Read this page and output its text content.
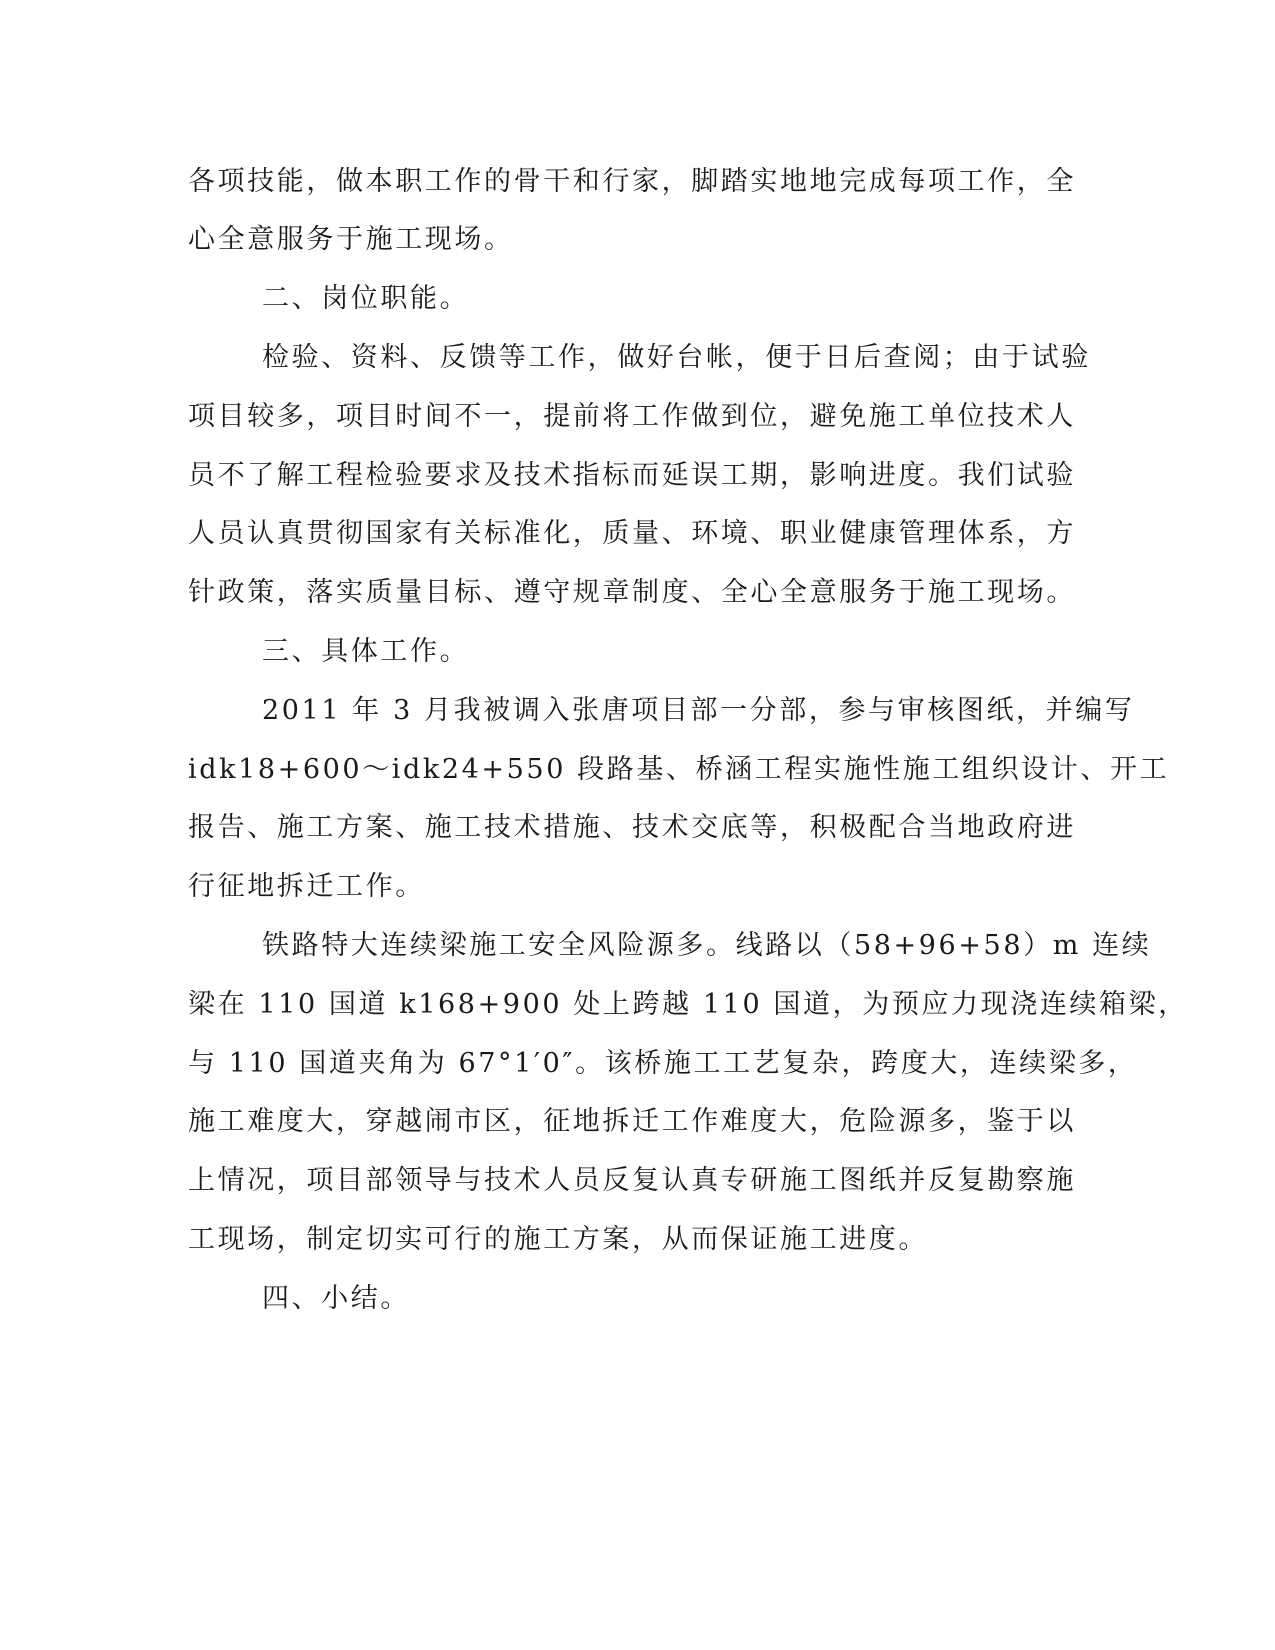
各项技能，做本职工作的骨干和行家，脚踏实地地完成每项工作，全
心全意服务于施工现场。
二、岗位职能。
检验、资料、反馈等工作，做好台帐，便于日后查阅；由于试验
项目较多，项目时间不一，提前将工作做到位，避免施工单位技术人
员不了解工程检验要求及技术指标而延误工期，影响进度。我们试验
人员认真贯彻国家有关标准化，质量、环境、职业健康管理体系，方
针政策，落实质量目标、遵守规章制度、全心全意服务于施工现场。
三、具体工作。
2011 年 3 月我被调入张唐项目部一分部，参与审核图纸，并编写
idk18+600～idk24+550 段路基、桥涵工程实施性施工组织设计、开工
报告、施工方案、施工技术措施、技术交底等，积极配合当地政府进
行征地拆迁工作。
铁路特大连续梁施工安全风险源多。线路以（58+96+58）m 连续
梁在 110 国道 k168+900 处上跨越 110 国道，为预应力现浇连续箱梁，
与 110 国道夹角为 67°1′0″。该桥施工工艺复杂，跨度大，连续梁多，
施工难度大，穿越闹市区，征地拆迁工作难度大，危险源多，鉴于以
上情况，项目部领导与技术人员反复认真专研施工图纸并反复勘察施
工现场，制定切实可行的施工方案，从而保证施工进度。
四、小结。
